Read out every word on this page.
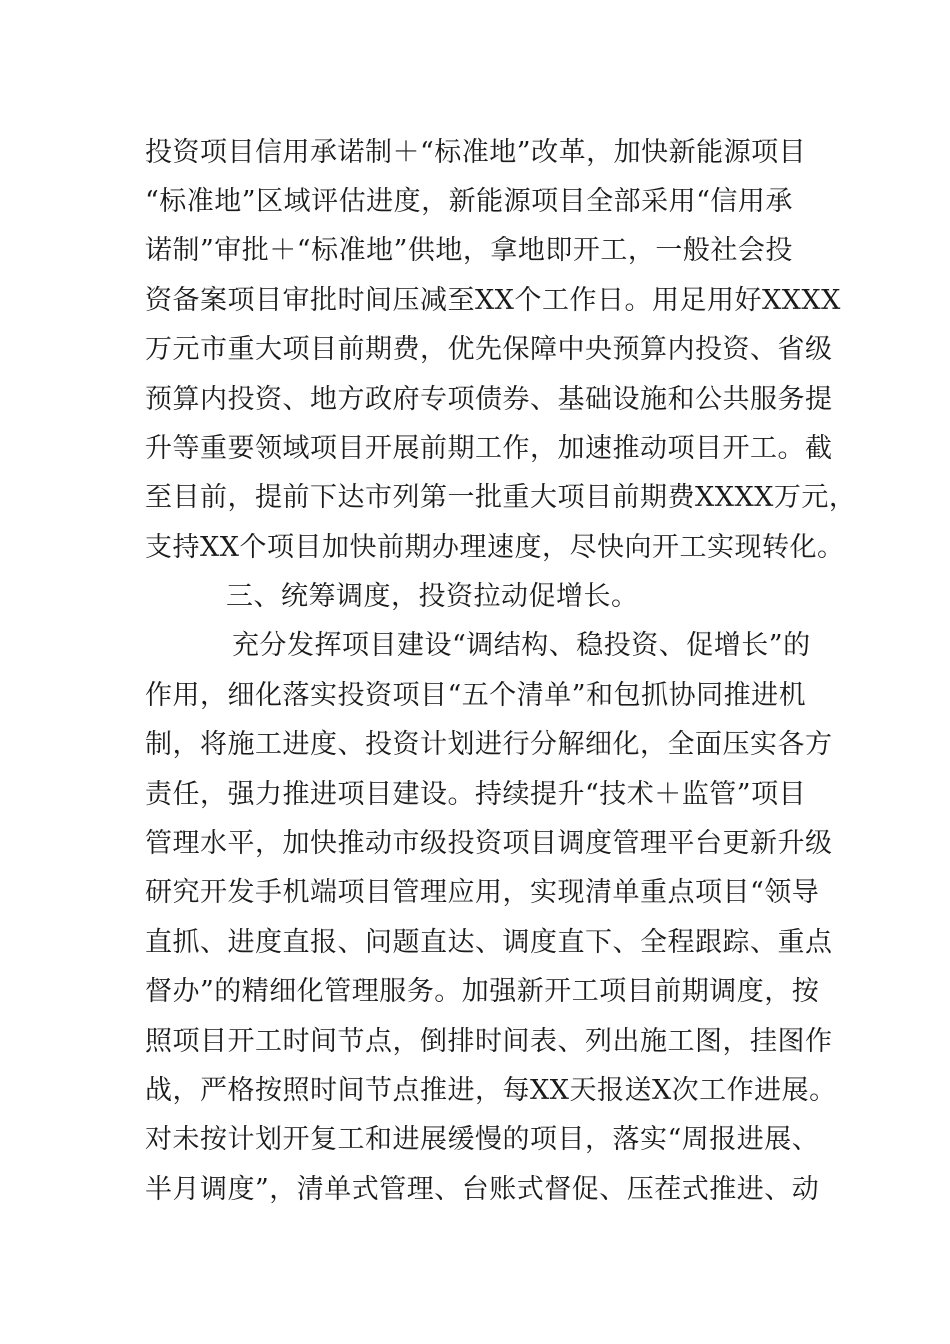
投资项目信用承诺制＋“标准地”改革，加快新能源项目
“标准地”区域评估进度，新能源项目全部采用“信用承
诺制”审批＋“标准地”供地，拿地即开工，一般社会投
资备案项目审批时间压减至XX个工作日。用足用好XXXX
万元市重大项目前期费，优先保障中央预算内投资、省级
预算内投资、地方政府专项债券、基础设施和公共服务提
升等重要领域项目开展前期工作，加速推动项目开工。截
至目前，提前下达市列第一批重大项目前期费XXXX万元，
支持XX个项目加快前期办理速度，尽快向开工实现转化。
三、统筹调度，投资拉动促增长。
充分发挥项目建设“调结构、稳投资、促增长”的
作用，细化落实投资项目“五个清单”和包抓协同推进机
制，将施工进度、投资计划进行分解细化，全面压实各方
责任，强力推进项目建设。持续提升“技术＋监管”项目
管理水平，加快推动市级投资项目调度管理平台更新升级
研究开发手机端项目管理应用，实现清单重点项目“领导
直抓、进度直报、问题直达、调度直下、全程跟踪、重点
督办”的精细化管理服务。加强新开工项目前期调度，按
照项目开工时间节点，倒排时间表、列出施工图，挂图作
战，严格按照时间节点推进，每XX天报送X次工作进展。
对未按计划开复工和进展缓慢的项目，落实“周报进展、
半月调度”，清单式管理、台账式督促、压茬式推进、动
